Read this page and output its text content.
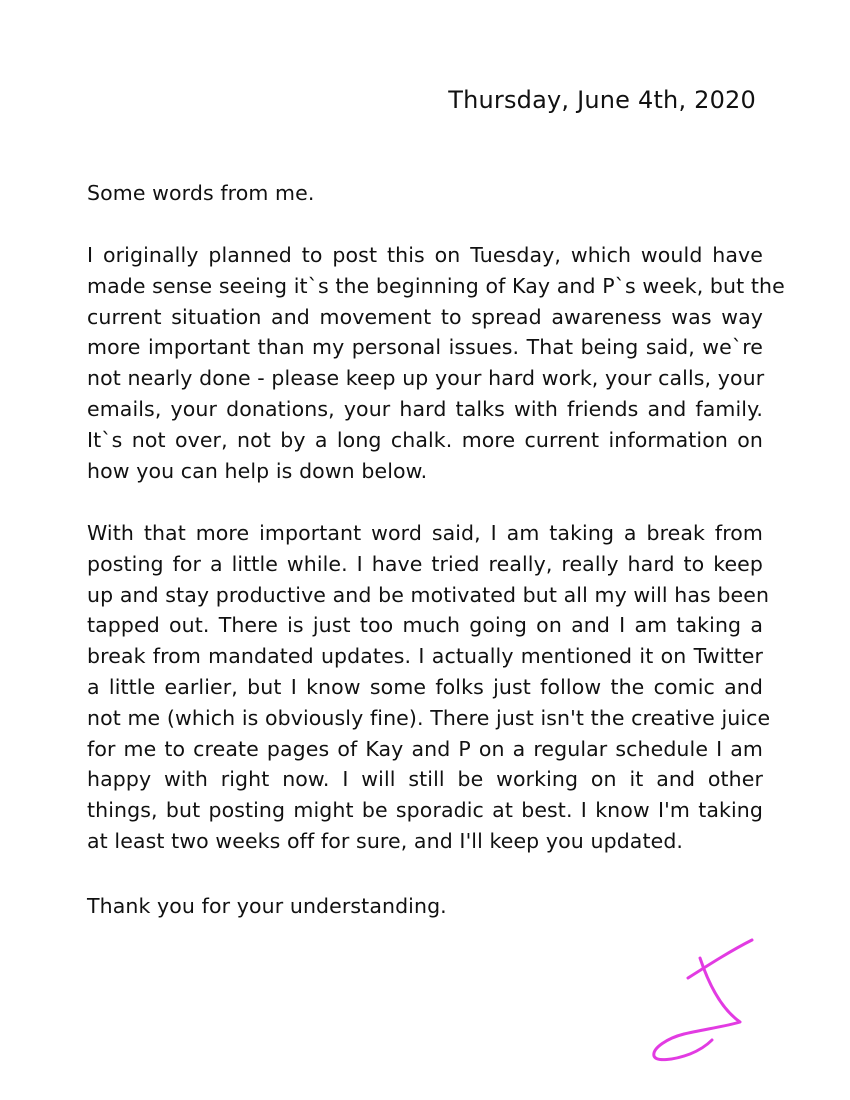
Thursday, June 4th, 2020
Some words from me.
I originally planned to post this on Tuesday, which would have
made sense seeing it`s the beginning of Kay and P`s week, but the
current situation and movement to spread awareness was way
more important than my personal issues. That being said, we`re
not nearly done - please keep up your hard work, your calls, your
emails, your donations, your hard talks with friends and family.
It`s not over, not by a long chalk. more current information on
how you can help is down below.
With that more important word said, I am taking a break from
posting for a little while. I have tried really, really hard to keep
up and stay productive and be motivated but all my will has been
tapped out. There is just too much going on and I am taking a
break from mandated updates. I actually mentioned it on Twitter
a little earlier, but I know some folks just follow the comic and
not me (which is obviously fine). There just isn't the creative juice
for me to create pages of Kay and P on a regular schedule I am
happy with right now. I will still be working on it and other
things, but posting might be sporadic at best. I know I'm taking
at least two weeks off for sure, and I'll keep you updated.
Thank you for your understanding.
